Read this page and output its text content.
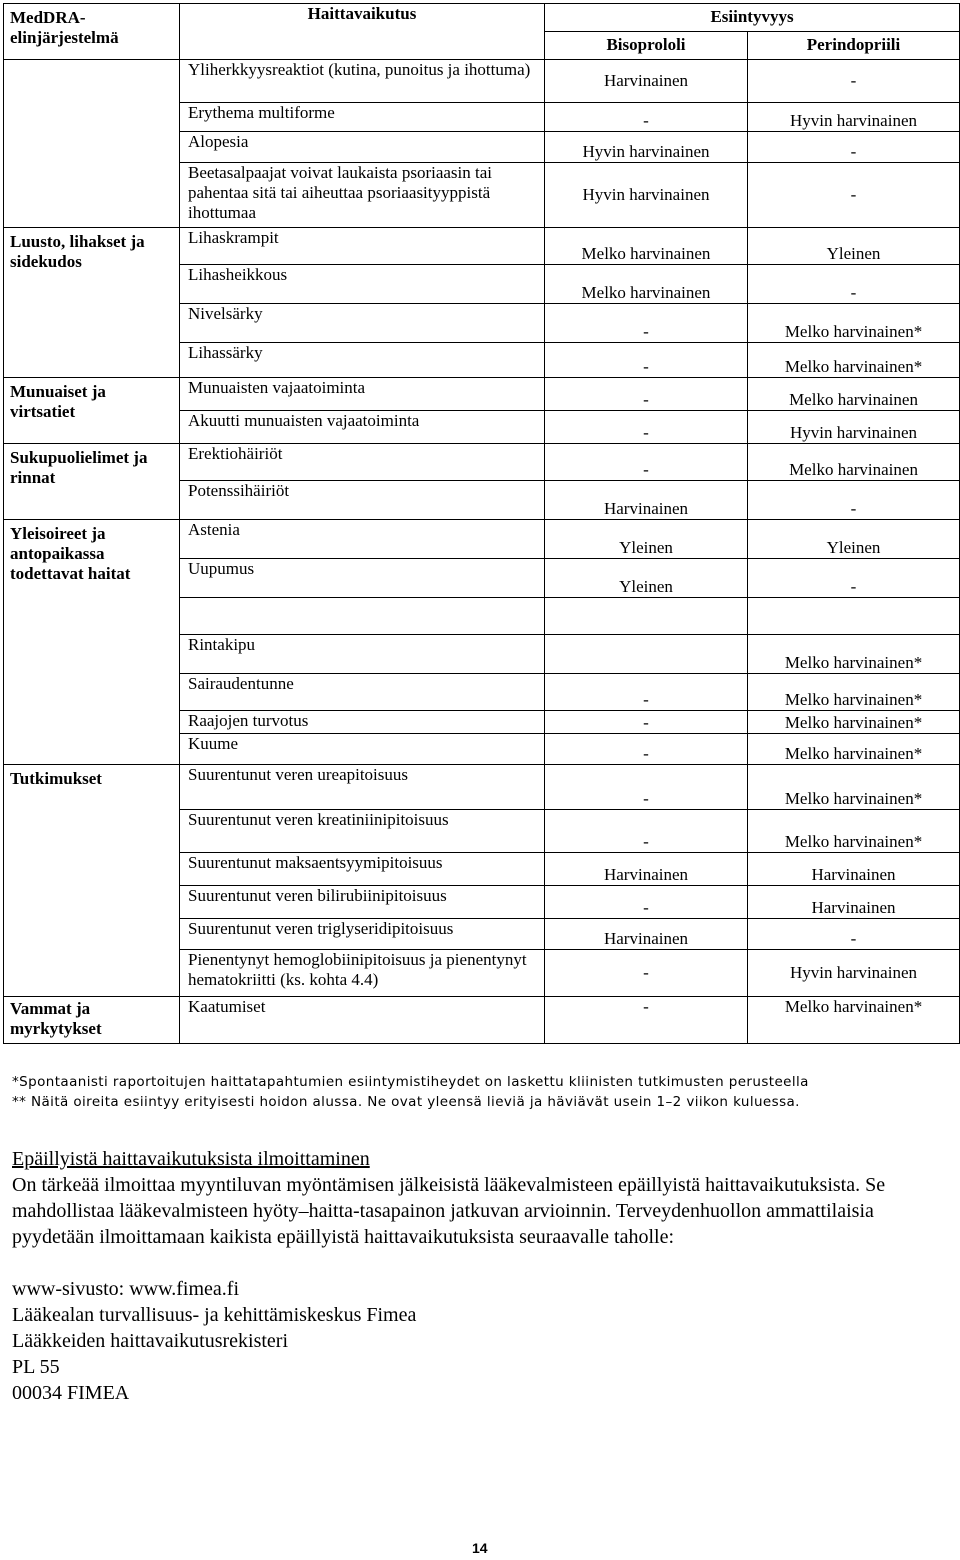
MedDRA-elinjärjestelmä	Haittavaikutus	Esiintyvyys	
		Bisoprololi	Perindopriili
	Yliherkkyysreaktiot (kutina, punoitus ja ihottuma)	Harvinainen	-
	Erythema multiforme	-	Hyvin harvinainen
	Alopesia	Hyvin harvinainen	-
	Beetasalpaajat voivat laukaista psoriaasin tai pahentaa sitä tai aiheuttaa psoriaasityyppistä ihottumaa	Hyvin harvinainen	-
Luusto, lihakset ja sidekudos	Lihaskrampit	Melko harvinainen	Yleinen
	Lihasheikkous	Melko harvinainen	-
	Nivelsärky	-	Melko harvinainen*
	Lihassärky	-	Melko harvinainen*
Munuaiset ja virtsatiet	Munuaisten vajaatoiminta	-	Melko harvinainen
	Akuutti munuaisten vajaatoiminta	-	Hyvin harvinainen
Sukupuolielimet ja rinnat	Erektiohäiriöt	-	Melko harvinainen
	Potenssihäiriöt	Harvinainen	-
Yleisoireet ja antopaikassa todettavat haitat	Astenia	Yleinen	Yleinen
	Uupumus	Yleinen	-

	Rintakipu		Melko harvinainen*
	Sairaudentunne	-	Melko harvinainen*
	Raajojen turvotus	-	Melko harvinainen*
	Kuume	-	Melko harvinainen*
Tutkimukset	Suurentunut veren ureapitoisuus	-	Melko harvinainen*
	Suurentunut veren kreatiniinipitoisuus	-	Melko harvinainen*
	Suurentunut maksaentsyymipitoisuus	Harvinainen	Harvinainen
	Suurentunut veren bilirubiinipitoisuus	-	Harvinainen
	Suurentunut veren triglyseridipitoisuus	Harvinainen	-
	Pienentynyt hemoglobiinipitoisuus ja pienentynyt hematokriitti (ks. kohta 4.4)	-	Hyvin harvinainen
Vammat ja myrkytykset	Kaatumiset	-	Melko harvinainen*
*Spontaanisti raportoitujen haittatapahtumien esiintymistiheydet on laskettu kliinisten tutkimusten perusteella
** Näitä oireita esiintyy erityisesti hoidon alussa. Ne ovat yleensä lieviä ja häviävät usein 1–2 viikon kuluessa.
Epäillyistä haittavaikutuksista ilmoittaminen
On tärkeää ilmoittaa myyntiluvan myöntämisen jälkeisistä lääkevalmisteen epäillyistä haittavaikutuksista. Se mahdollistaa lääkevalmisteen hyöty–haitta-tasapainon jatkuvan arvioinnin. Terveydenhuollon ammattilaisia pyydetään ilmoittamaan kaikista epäillyistä haittavaikutuksista seuraavalle taholle:
www-sivusto: www.fimea.fi
Lääkealan turvallisuus- ja kehittämiskeskus Fimea
Lääkkeiden haittavaikutusrekisteri
PL 55
00034 FIMEA
14
